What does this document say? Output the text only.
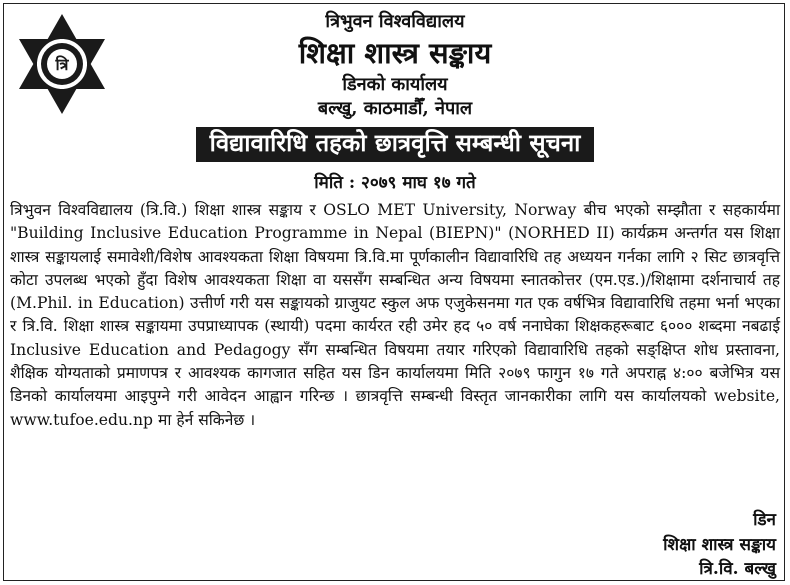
त्रि
त्रिभुवन विश्वविद्यालय
शिक्षा शास्त्र सङ्काय
डिनको कार्यालय
बल्खु, काठमाडौँ, नेपाल
विद्यावारिधि तहको छात्रवृत्ति सम्बन्धी सूचना
मिति : २०७९ माघ १७ गते

त्रिभुवन विश्वविद्यालय (त्रि.वि.) शिक्षा शास्त्र सङ्काय र OSLO MET University, Norway बीच भएको सम्झौता र सहकार्यमा "Building Inclusive Education Programme in Nepal (BIEPN)" (NORHED II) कार्यक्रम अन्तर्गत यस शिक्षा शास्त्र सङ्कायलाई समावेशी/विशेष आवश्यकता शिक्षा विषयमा त्रि.वि.मा पूर्णकालीन विद्यावारिधि तह अध्ययन गर्नका लागि २ सिट छात्रवृत्ति कोटा उपलब्ध भएको हुँदा विशेष आवश्यकता शिक्षा वा यससँग सम्बन्धित अन्य विषयमा स्नातकोत्तर (एम.एड.)/शिक्षामा दर्शनाचार्य तह (M.Phil. in Education) उत्तीर्ण गरी यस सङ्कायको ग्राजुयट स्कुल अफ एजुकेसनमा गत एक वर्षभित्र विद्यावारिधि तहमा भर्ना भएका र त्रि.वि. शिक्षा शास्त्र सङ्कायमा उपप्राध्यापक (स्थायी) पदमा कार्यरत रही उमेर हद ५० वर्ष ननाघेका शिक्षकहरूबाट ६००० शब्दमा नबढाई Inclusive Education and Pedagogy सँग सम्बन्धित विषयमा तयार गरिएको विद्यावारिधि तहको सङ्क्षिप्त शोध प्रस्तावना, शैक्षिक योग्यताको प्रमाणपत्र र आवश्यक कागजात सहित यस डिन कार्यालयमा मिति २०७९ फागुन १७ गते अपराह्न ४:०० बजेभित्र यस डिनको कार्यालयमा आइपुग्ने गरी आवेदन आह्वान गरिन्छ । छात्रवृत्ति सम्बन्धी विस्तृत जानकारीका लागि यस कार्यालयको website, www.tufoe.edu.np मा हेर्न सकिनेछ ।

डिन
शिक्षा शास्त्र सङ्काय
त्रि.वि. बल्खु
